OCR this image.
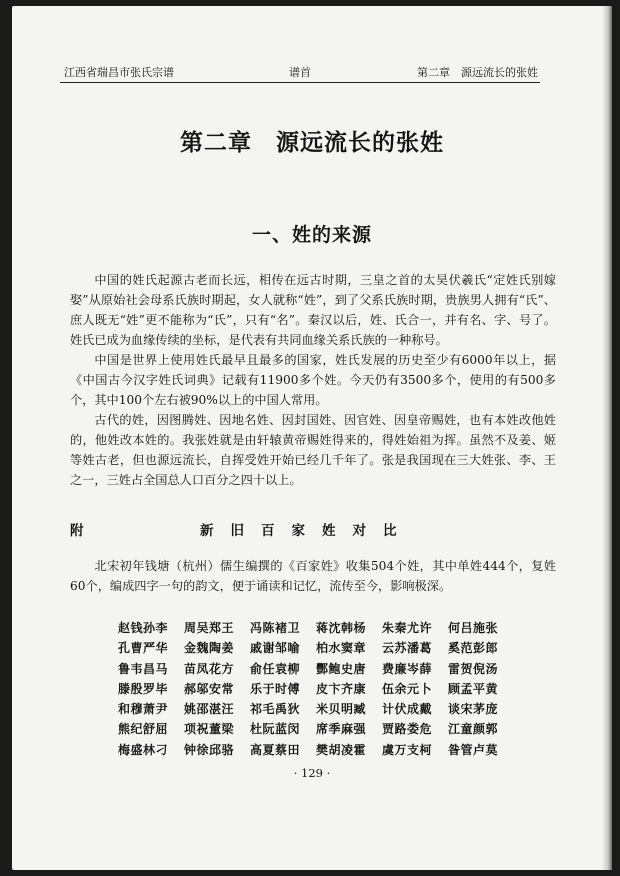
江西省瑞昌市张氏宗谱	谱首	第二章　源远流长的张姓
第二章　源远流长的张姓
一、姓的来源

中国的姓氏起源古老而长远，相传在远古时期，三皇之首的太昊伏羲氏“定姓氏别嫁娶”从原始社会母系氏族时期起，女人就称“姓”，到了父系氏族时期，贵族男人拥有“氏”、庶人既无“姓”更不能称为“氏”，只有“名”。秦汉以后，姓、氏合一，并有名、字、号了。姓氏已成为血缘传续的坐标，是代表有共同血缘关系氏族的一种称号。

中国是世界上使用姓氏最早且最多的国家，姓氏发展的历史至少有6000年以上，据《中国古今汉字姓氏词典》记载有11900多个姓。今天仍有3500多个，使用的有500多个，其中100个左右被90%以上的中国人常用。

古代的姓，因图腾姓、因地名姓、因封国姓、因官姓、因皇帝赐姓，也有本姓改他姓的，他姓改本姓的。我张姓就是由轩辕黄帝赐姓得来的，得姓始祖为挥。虽然不及姜、姬等姓古老，但也源远流长，自挥受姓开始已经几千年了。张是我国现在三大姓张、李、王之一，三姓占全国总人口百分之四十以上。

附	新旧百家姓对比

北宋初年钱塘（杭州）儒生编撰的《百家姓》收集504个姓，其中单姓444个，复姓60个，编成四字一句的韵文，便于诵读和记忆，流传至今，影响极深。

赵钱孙李	周吴郑王	冯陈褚卫	蒋沈韩杨	朱秦尤许	何吕施张
孔曹严华	金魏陶姜	戚谢邹喻	柏水窦章	云苏潘葛	奚范彭郎
鲁韦昌马	苗凤花方	俞任袁柳	酆鲍史唐	费廉岑薛	雷贺倪汤
滕殷罗毕	郝邬安常	乐于时傅	皮卞齐康	伍余元卜	顾孟平黄
和穆萧尹	姚邵湛汪	祁毛禹狄	米贝明臧	计伏成戴	谈宋茅庞
熊纪舒屈	项祝董梁	杜阮蓝闵	席季麻强	贾路娄危	江童颜郭
梅盛林刁	钟徐邱骆	高夏蔡田	樊胡凌霍	虞万支柯	昝管卢莫
· 129 ·
